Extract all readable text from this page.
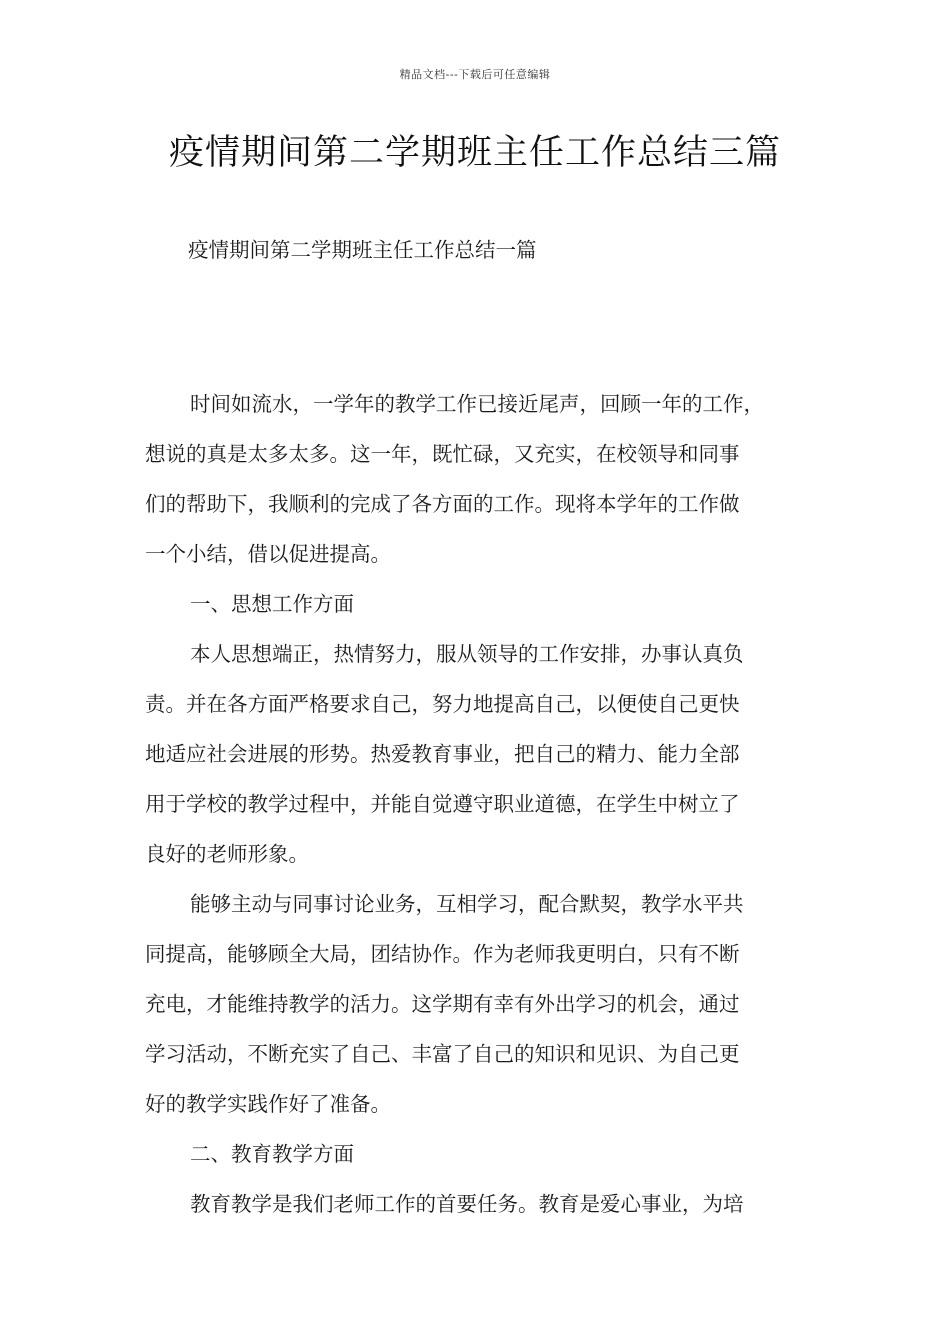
精品文档---下载后可任意编辑
疫情期间第二学期班主任工作总结三篇
疫情期间第二学期班主任工作总结一篇
时间如流水，一学年的教学工作已接近尾声，回顾一年的工作，
想说的真是太多太多。这一年，既忙碌，又充实，在校领导和同事
们的帮助下，我顺利的完成了各方面的工作。现将本学年的工作做
一个小结，借以促进提高。
一、思想工作方面
本人思想端正，热情努力，服从领导的工作安排，办事认真负
责。并在各方面严格要求自己，努力地提高自己，以便使自己更快
地适应社会进展的形势。热爱教育事业，把自己的精力、能力全部
用于学校的教学过程中，并能自觉遵守职业道德，在学生中树立了
良好的老师形象。
能够主动与同事讨论业务，互相学习，配合默契，教学水平共
同提高，能够顾全大局，团结协作。作为老师我更明白，只有不断
充电，才能维持教学的活力。这学期有幸有外出学习的机会，通过
学习活动，不断充实了自己、丰富了自己的知识和见识、为自己更
好的教学实践作好了准备。
二、教育教学方面
教育教学是我们老师工作的首要任务。教育是爱心事业，为培
